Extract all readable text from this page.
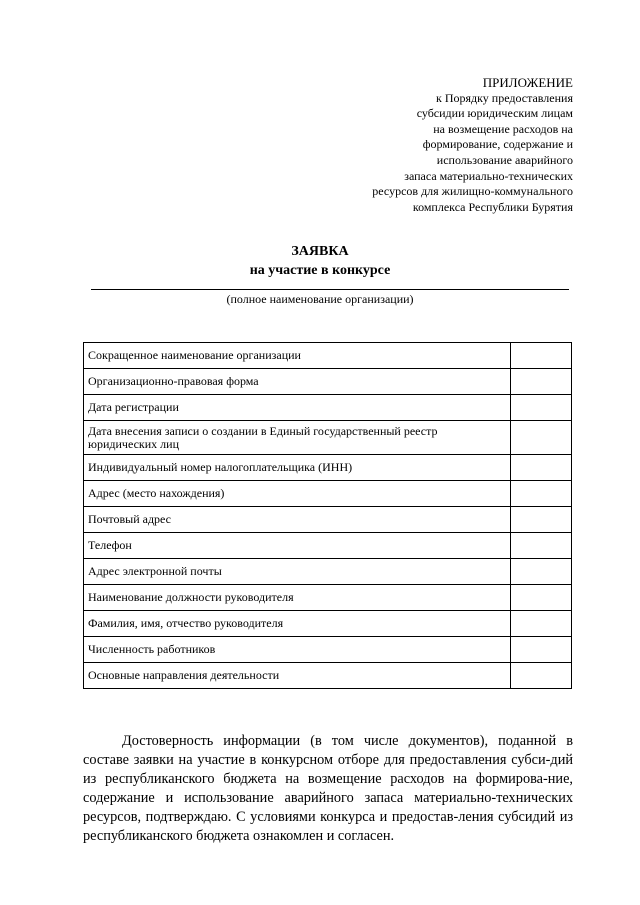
ПРИЛОЖЕНИЕ
к Порядку предоставления
субсидии юридическим лицам
на возмещение расходов на
формирование, содержание и
использование аварийного
запаса материально-технических
ресурсов для жилищно-коммунального
комплекса Республики Бурятия
ЗАЯВКА
на участие в конкурсе
(полное наименование организации)
Сокращенное наименование организации	
Организационно-правовая форма	
Дата регистрации	
Дата внесения записи о создании в Единый государственный реестр юридических лиц	
Индивидуальный номер налогоплательщика (ИНН)	
Адрес (место нахождения)	
Почтовый адрес	
Телефон	
Адрес электронной почты	
Наименование должности руководителя	
Фамилия, имя, отчество руководителя	
Численность работников	
Основные направления деятельности	

Достоверность информации (в том числе документов), поданной в составе заявки на участие в конкурсном отборе для предоставления субси-дий из республиканского бюджета на возмещение расходов на формирова-ние, содержание и использование аварийного запаса материально-технических ресурсов, подтверждаю. С условиями конкурса и предостав-ления субсидий из республиканского бюджета ознакомлен и согласен.
